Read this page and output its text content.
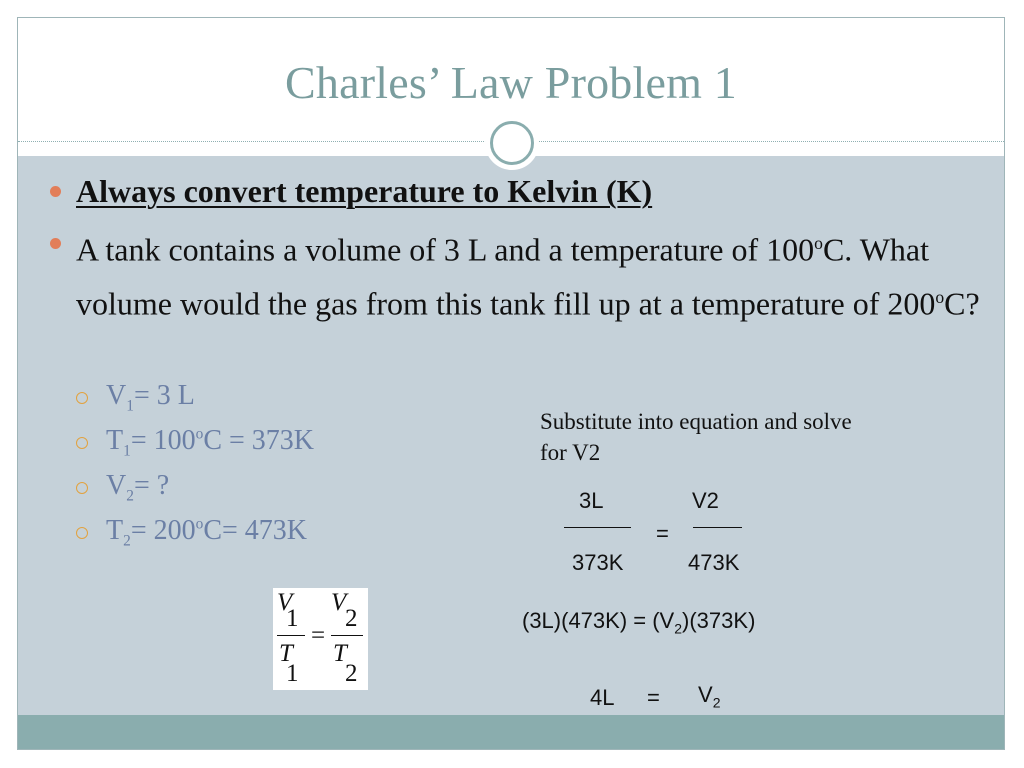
Charles’ Law Problem 1
Always convert temperature to Kelvin (K)
A tank contains a volume of 3 L and a temperature of 100$^o$C. What volume would the gas from this tank fill up at a temperature of 200$^o$C?
$V_1= 3$ L
$T_1= 100^oC = 373K$
$V_2=$ ?
$T_2= 200^oC= 473K$
Substitute into equation and solve for V2
3L	V2
=
373K	473K
$(3L)(473K) = (V_2)(373K)$
$4L = V_2$
V
1
T
1
=
V
2
T
2
